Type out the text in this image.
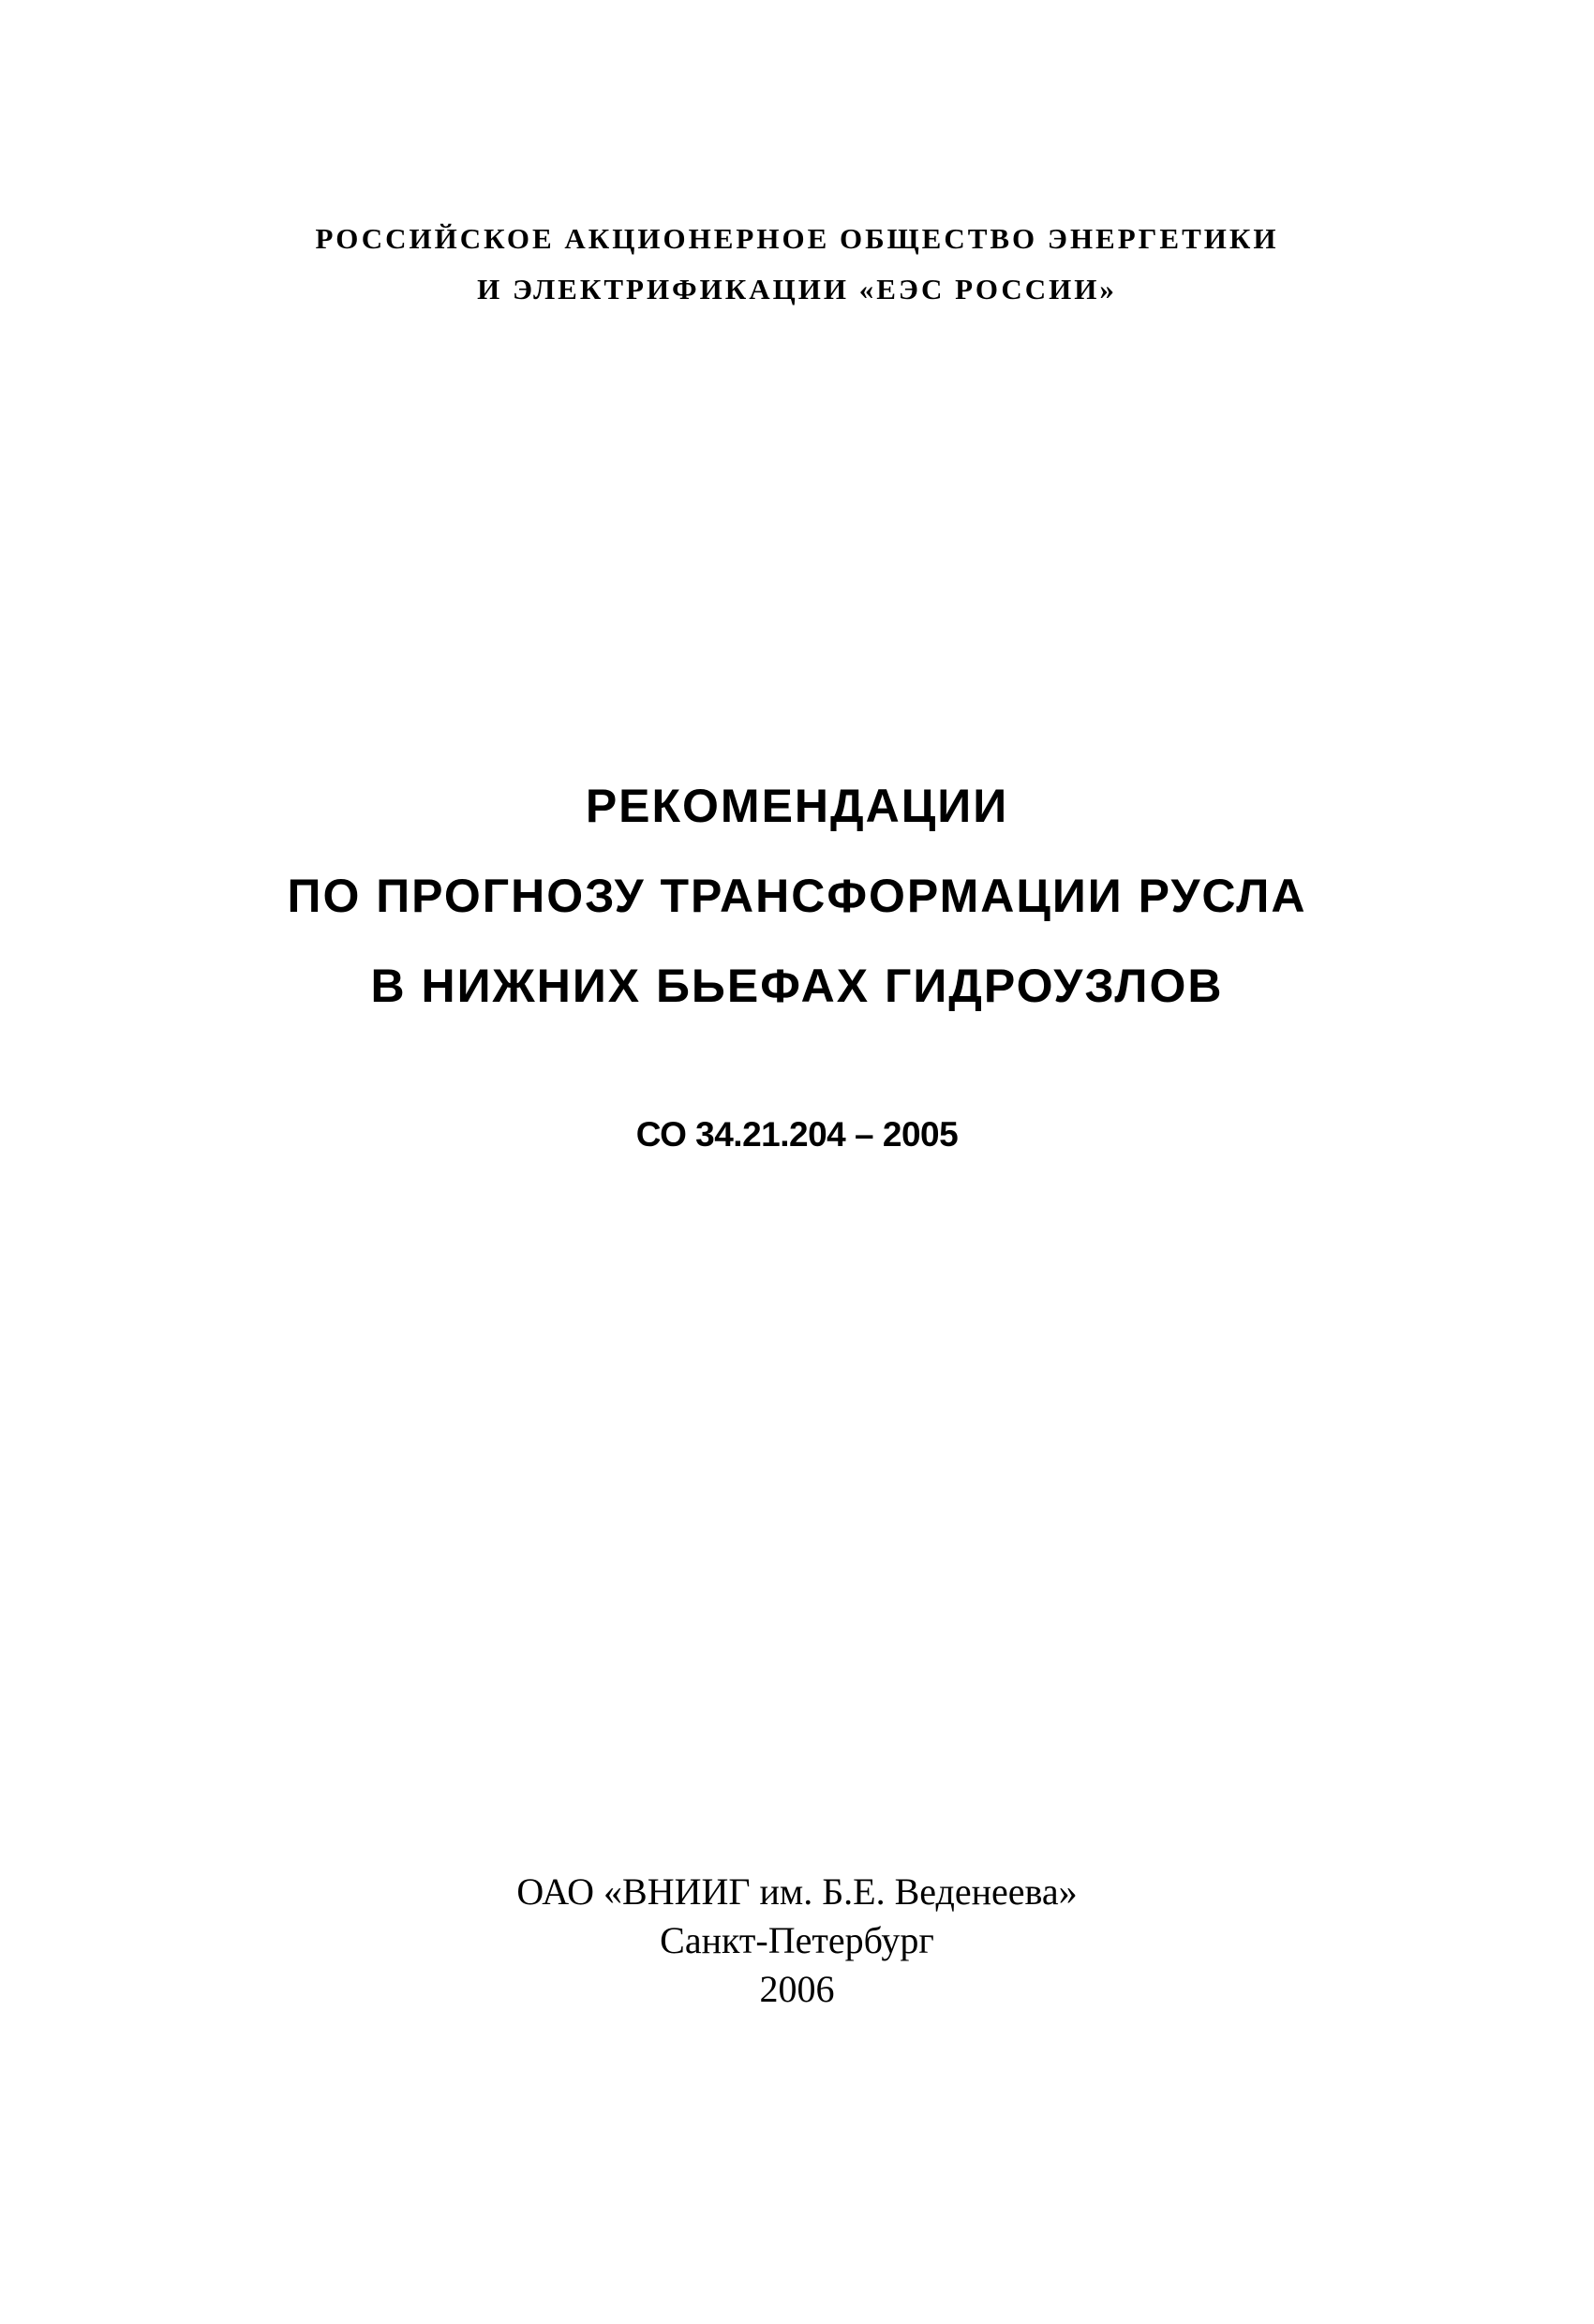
РОССИЙСКОЕ АКЦИОНЕРНОЕ ОБЩЕСТВО ЭНЕРГЕТИКИ
И ЭЛЕКТРИФИКАЦИИ «ЕЭС РОССИИ»
РЕКОМЕНДАЦИИ
ПО ПРОГНОЗУ ТРАНСФОРМАЦИИ РУСЛА
В НИЖНИХ БЬЕФАХ ГИДРОУЗЛОВ
СО 34.21.204 – 2005
ОАО «ВНИИГ им. Б.Е. Веденеева»
Санкт-Петербург
2006
